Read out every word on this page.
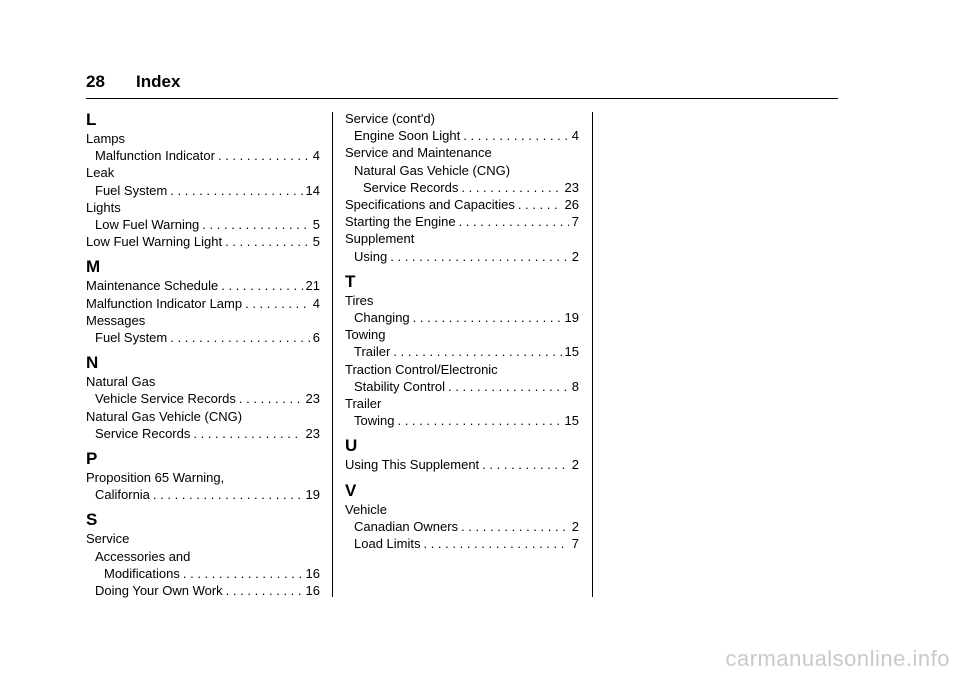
28 Index
L
Lamps
Malfunction Indicator . . .	4
Leak
Fuel System . . .	14
Lights
Low Fuel Warning . . .	5
Low Fuel Warning Light . . .	5
M
Maintenance Schedule . . .	21
Malfunction Indicator Lamp . . .	4
Messages
Fuel System . . .	6
N
Natural Gas
Vehicle Service Records . . .	23
Natural Gas Vehicle (CNG)
Service Records . . .	23
P
Proposition 65 Warning,
California . . .	19
S
Service
Accessories and
Modifications . . .	16
Doing Your Own Work . . .	16
Service (cont'd)
Engine Soon Light . . .	4
Service and Maintenance
Natural Gas Vehicle (CNG)
Service Records . . .	23
Specifications and Capacities . . .	26
Starting the Engine . . .	7
Supplement
Using . . .	2
T
Tires
Changing . . .	19
Towing
Trailer . . .	15
Traction Control/Electronic
Stability Control . . .	8
Trailer
Towing . . .	15
U
Using This Supplement . . .	2
V
Vehicle
Canadian Owners . . .	2
Load Limits . . .	7
carmanualsonline.info
